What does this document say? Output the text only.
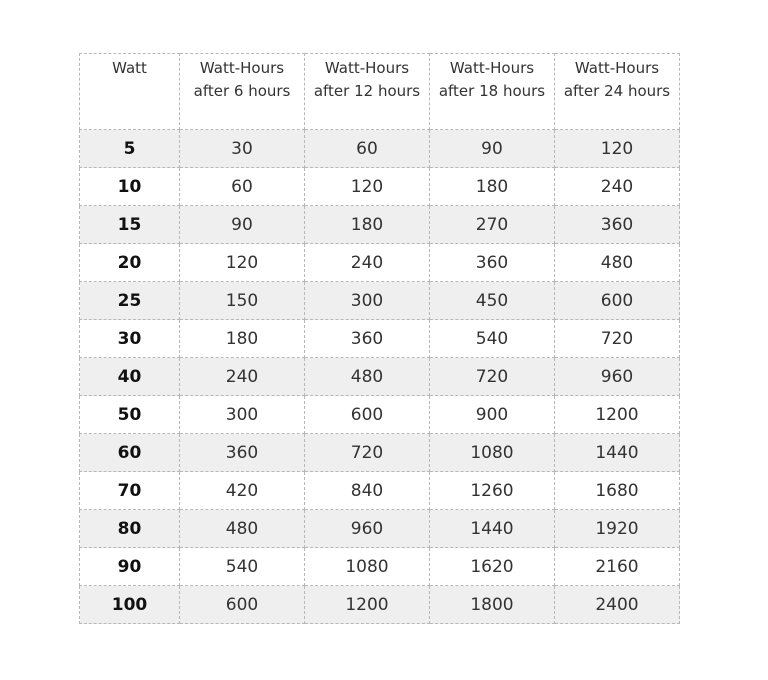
Watt	Watt-Hours after 6 hours	Watt-Hours after 12 hours	Watt-Hours after 18 hours	Watt-Hours after 24 hours
5	30	60	90	120
10	60	120	180	240
15	90	180	270	360
20	120	240	360	480
25	150	300	450	600
30	180	360	540	720
40	240	480	720	960
50	300	600	900	1200
60	360	720	1080	1440
70	420	840	1260	1680
80	480	960	1440	1920
90	540	1080	1620	2160
100	600	1200	1800	2400
